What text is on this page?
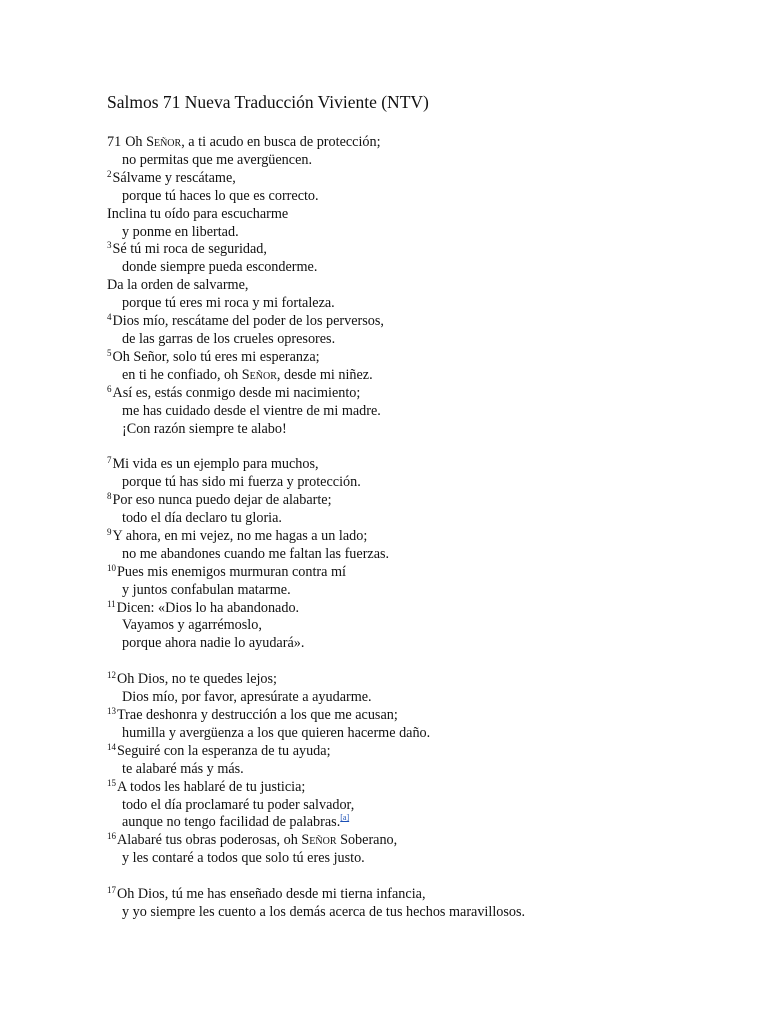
Salmos 71 Nueva Traducción Viviente (NTV)
71 Oh Señor, a ti acudo en busca de protección;
no permitas que me avergüencen.
$^2$Sálvame y rescátame,
porque tú haces lo que es correcto.
Inclina tu oído para escucharme
y ponme en libertad.
$^3$Sé tú mi roca de seguridad,
donde siempre pueda esconderme.
Da la orden de salvarme,
porque tú eres mi roca y mi fortaleza.
$^4$Dios mío, rescátame del poder de los perversos,
de las garras de los crueles opresores.
$^5$Oh Señor, solo tú eres mi esperanza;
en ti he confiado, oh Señor, desde mi niñez.
$^6$Así es, estás conmigo desde mi nacimiento;
me has cuidado desde el vientre de mi madre.
¡Con razón siempre te alabo!
$^7$Mi vida es un ejemplo para muchos,
porque tú has sido mi fuerza y protección.
$^8$Por eso nunca puedo dejar de alabarte;
todo el día declaro tu gloria.
$^9$Y ahora, en mi vejez, no me hagas a un lado;
no me abandones cuando me faltan las fuerzas.
$^{10}$Pues mis enemigos murmuran contra mí
y juntos confabulan matarme.
$^{11}$Dicen: «Dios lo ha abandonado.
Vayamos y agarrémoslo,
porque ahora nadie lo ayudará».
$^{12}$Oh Dios, no te quedes lejos;
Dios mío, por favor, apresúrate a ayudarme.
$^{13}$Trae deshonra y destrucción a los que me acusan;
humilla y avergüenza a los que quieren hacerme daño.
$^{14}$Seguiré con la esperanza de tu ayuda;
te alabaré más y más.
$^{15}$A todos les hablaré de tu justicia;
todo el día proclamaré tu poder salvador,
aunque no tengo facilidad de palabras.[a]
$^{16}$Alabaré tus obras poderosas, oh Señor Soberano,
y les contaré a todos que solo tú eres justo.
$^{17}$Oh Dios, tú me has enseñado desde mi tierna infancia,
y yo siempre les cuento a los demás acerca de tus hechos maravillosos.
